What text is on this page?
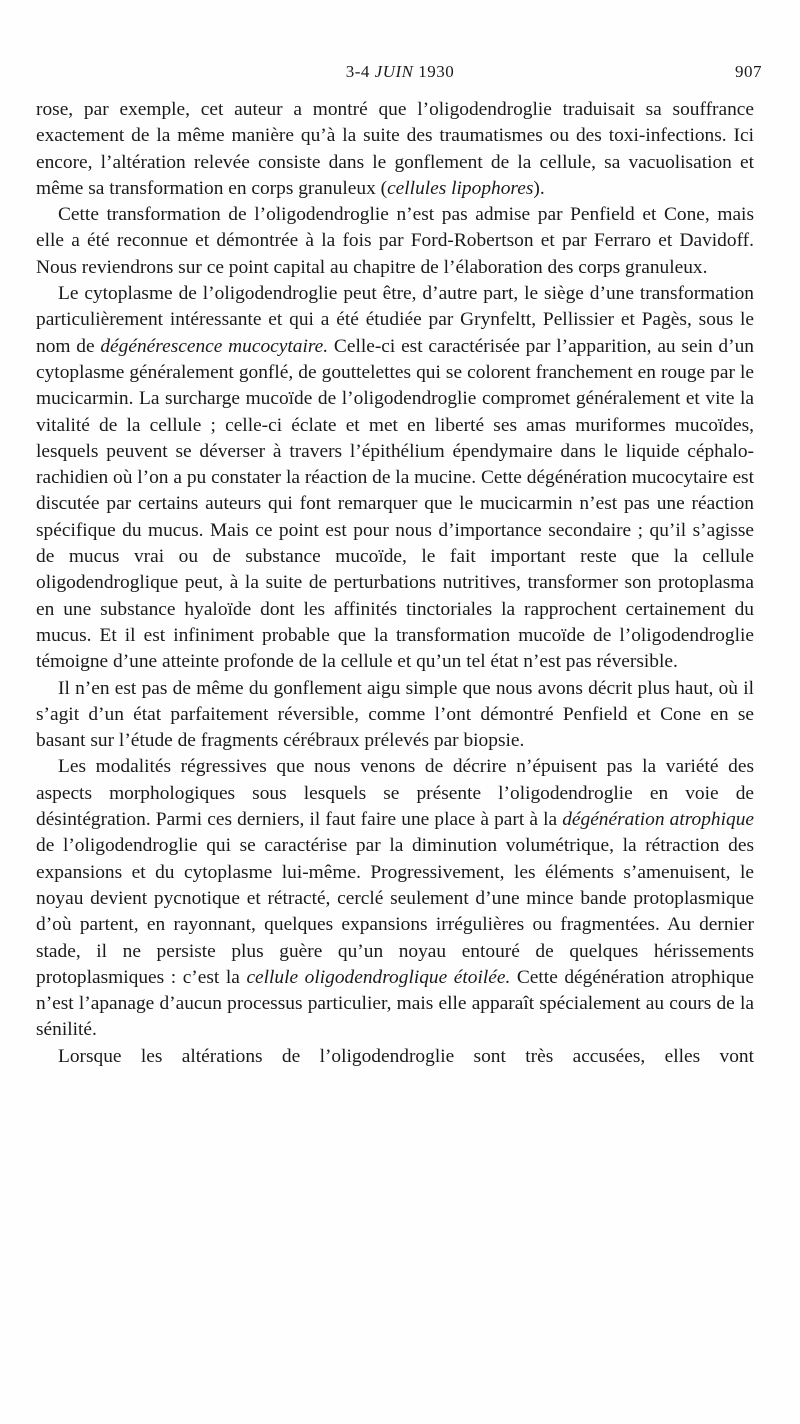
3-4 JUIN 1930	907

rose, par exemple, cet auteur a montré que l’oligodendroglie traduisait sa souffrance exactement de la même manière qu’à la suite des traumatismes ou des toxi-infections. Ici encore, l’altération relevée consiste dans le gonflement de la cellule, sa vacuolisation et même sa transformation en corps granuleux (cellules lipophores).

Cette transformation de l’oligodendroglie n’est pas admise par Penfield et Cone, mais elle a été reconnue et démontrée à la fois par Ford-Robertson et par Ferraro et Davidoff. Nous reviendrons sur ce point capital au chapitre de l’élaboration des corps granuleux.

Le cytoplasme de l’oligodendroglie peut être, d’autre part, le siège d’une transformation particulièrement intéressante et qui a été étudiée par Grynfeltt, Pellissier et Pagès, sous le nom de dégénérescence mucocytaire. Celle-ci est caractérisée par l’apparition, au sein d’un cytoplasme généralement gonflé, de gouttelettes qui se colorent franchement en rouge par le mucicarmin. La surcharge mucoïde de l’oligodendroglie compromet généralement et vite la vitalité de la cellule ; celle-ci éclate et met en liberté ses amas muriformes mucoïdes, lesquels peuvent se déverser à travers l’épithélium épendymaire dans le liquide céphalo-rachidien où l’on a pu constater la réaction de la mucine. Cette dégénération mucocytaire est discutée par certains auteurs qui font remarquer que le mucicarmin n’est pas une réaction spécifique du mucus. Mais ce point est pour nous d’importance secondaire ; qu’il s’agisse de mucus vrai ou de substance mucoïde, le fait important reste que la cellule oligodendroglique peut, à la suite de perturbations nutritives, transformer son protoplasma en une substance hyaloïde dont les affinités tinctoriales la rapprochent certainement du mucus. Et il est infiniment probable que la transformation mucoïde de l’oligodendroglie témoigne d’une atteinte profonde de la cellule et qu’un tel état n’est pas réversible.

Il n’en est pas de même du gonflement aigu simple que nous avons décrit plus haut, où il s’agit d’un état parfaitement réversible, comme l’ont démontré Penfield et Cone en se basant sur l’étude de fragments cérébraux prélevés par biopsie.

Les modalités régressives que nous venons de décrire n’épuisent pas la variété des aspects morphologiques sous lesquels se présente l’oligodendroglie en voie de désintégration. Parmi ces derniers, il faut faire une place à part à la dégénération atrophique de l’oligodendroglie qui se caractérise par la diminution volumétrique, la rétraction des expansions et du cytoplasme lui-même. Progressivement, les éléments s’amenuisent, le noyau devient pycnotique et rétracté, cerclé seulement d’une mince bande protoplasmique d’où partent, en rayonnant, quelques expansions irrégulières ou fragmentées. Au dernier stade, il ne persiste plus guère qu’un noyau entouré de quelques hérissements protoplasmiques : c’est la cellule oligodendroglique étoilée. Cette dégénération atrophique n’est l’apanage d’aucun processus particulier, mais elle apparaît spécialement au cours de la sénilité.

Lorsque les altérations de l’oligodendroglie sont très accusées, elles vont
